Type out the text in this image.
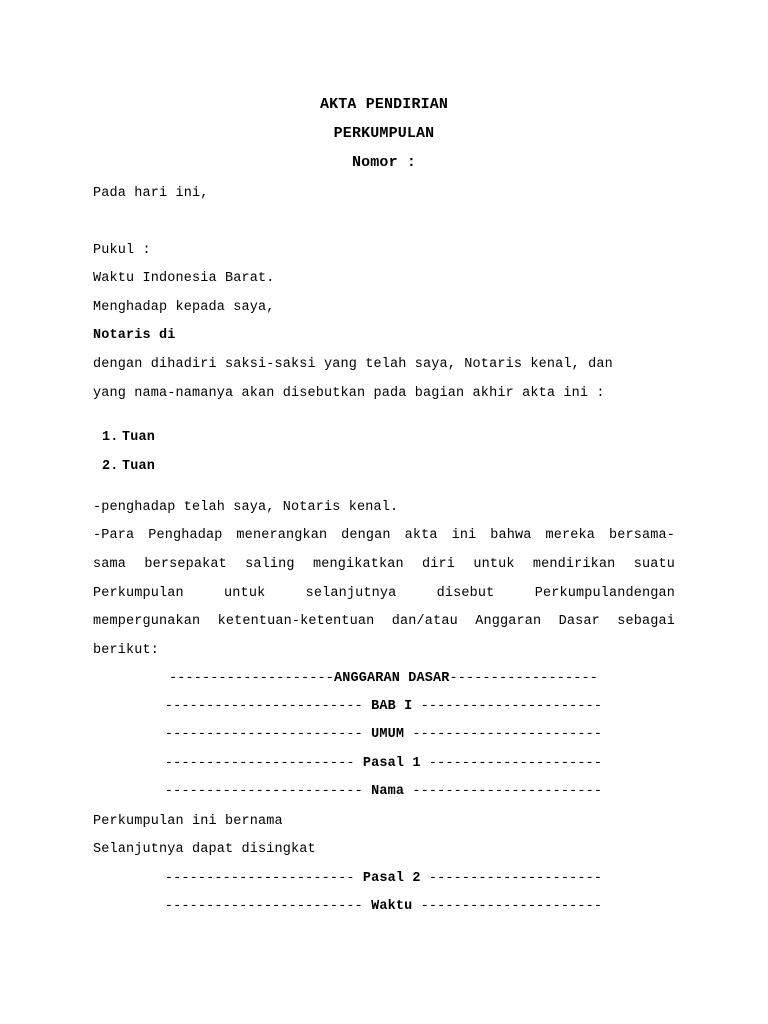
AKTA PENDIRIAN
PERKUMPULAN
Nomor :
Pada hari ini,
Pukul :
Waktu Indonesia Barat.
Menghadap kepada saya,
Notaris di
dengan dihadiri saksi-saksi yang telah saya, Notaris kenal, dan
yang nama-namanya akan disebutkan pada bagian akhir akta ini :

1. Tuan

2. Tuan

-penghadap telah saya, Notaris kenal.
-Para Penghadap menerangkan dengan akta ini bahwa mereka bersama-
sama bersepakat saling mengikatkan diri untuk mendirikan suatu
Perkumpulan untuk selanjutnya disebut Perkumpulandengan
mempergunakan ketentuan-ketentuan dan/atau Anggaran Dasar sebagai
berikut:
--------------------ANGGARAN DASAR------------------
------------------------ BAB I ----------------------
------------------------ UMUM -----------------------
----------------------- Pasal 1 ---------------------
------------------------ Nama -----------------------
Perkumpulan ini bernama
Selanjutnya dapat disingkat
----------------------- Pasal 2 ---------------------
------------------------ Waktu ----------------------
